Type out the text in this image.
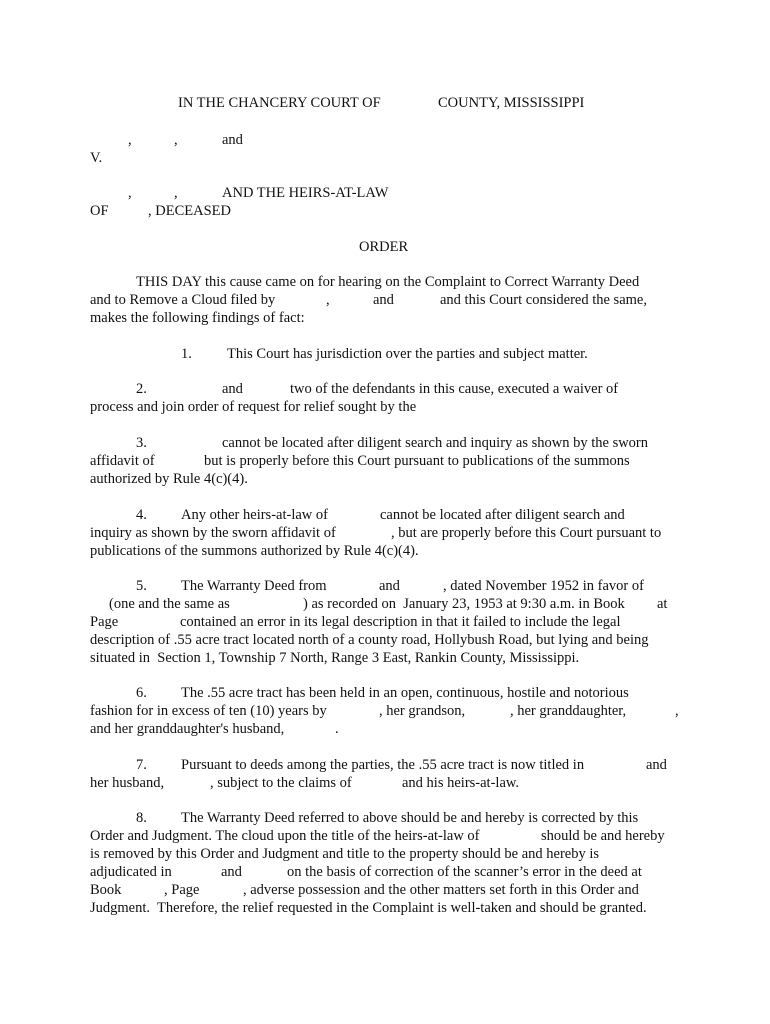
IN THE CHANCERY COURT OF	COUNTY, MISSISSIPPI

,	,	and

V.

,	,	AND THE HEIRS-AT-LAW

OF	, DECEASED

ORDER

THIS DAY this cause came on for hearing on the Complaint to Correct Warranty Deed

and to Remove a Cloud filed by	,	and	and this Court considered the same,

makes the following findings of fact:

1. This Court has jurisdiction over the parties and subject matter.

2.	and	two of the defendants in this cause, executed a waiver of

process and join order of request for relief sought by the

3.	cannot be located after diligent search and inquiry as shown by the sworn

affidavit of	but is properly before this Court pursuant to publications of the summons

authorized by Rule 4(c)(4).

4. Any other heirs-at-law of	cannot be located after diligent search and

inquiry as shown by the sworn affidavit of	, but are properly before this Court pursuant to

publications of the summons authorized by Rule 4(c)(4).

5. The Warranty Deed from	and	, dated November 1952 in favor of

(one and the same as	) as recorded on  January 23, 1953 at 9:30 a.m. in Book at

Page	contained an error in its legal description in that it failed to include the legal

description of .55 acre tract located north of a county road, Hollybush Road, but lying and being

situated in  Section 1, Township 7 North, Range 3 East, Rankin County, Mississippi.

6. The .55 acre tract has been held in an open, continuous, hostile and notorious

fashion for in excess of ten (10) years by	, her grandson,	, her granddaughter,	,

and her granddaughter's husband,	.

7. Pursuant to deeds among the parties, the .55 acre tract is now titled in	and

her husband,	, subject to the claims of	and his heirs-at-law.

8. The Warranty Deed referred to above should be and hereby is corrected by this

Order and Judgment. The cloud upon the title of the heirs-at-law of	should be and hereby

is removed by this Order and Judgment and title to the property should be and hereby is

adjudicated in	and	on the basis of correction of the scanner’s error in the deed at

Book	, Page	, adverse possession and the other matters set forth in this Order and

Judgment.  Therefore, the relief requested in the Complaint is well-taken and should be granted.
